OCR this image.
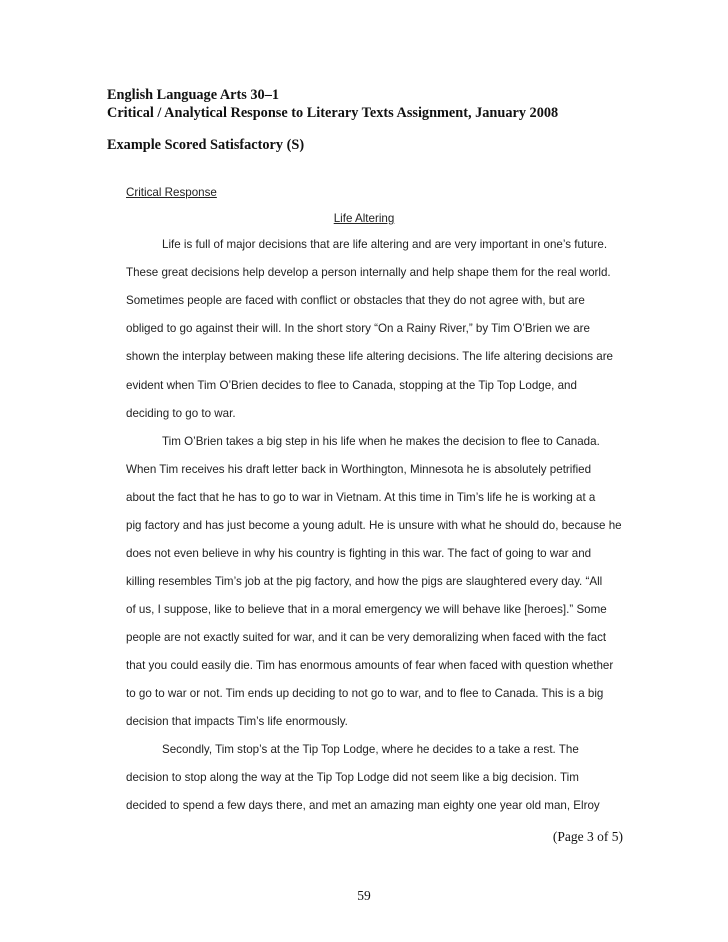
English Language Arts 30–1
Critical / Analytical Response to Literary Texts Assignment, January 2008
Example Scored Satisfactory (S)
Critical Response
Life Altering
Life is full of major decisions that are life altering and are very important in one’s future.
These great decisions help develop a person internally and help shape them for the real world.
Sometimes people are faced with conflict or obstacles that they do not agree with, but are
obliged to go against their will. In the short story “On a Rainy River,” by Tim O’Brien we are
shown the interplay between making these life altering decisions. The life altering decisions are
evident when Tim O’Brien decides to flee to Canada, stopping at the Tip Top Lodge, and
deciding to go to war.
Tim O’Brien takes a big step in his life when he makes the decision to flee to Canada.
When Tim receives his draft letter back in Worthington, Minnesota he is absolutely petrified
about the fact that he has to go to war in Vietnam. At this time in Tim’s life he is working at a
pig factory and has just become a young adult. He is unsure with what he should do, because he
does not even believe in why his country is fighting in this war. The fact of going to war and
killing resembles Tim’s job at the pig factory, and how the pigs are slaughtered every day. “All
of us, I suppose, like to believe that in a moral emergency we will behave like [heroes].” Some
people are not exactly suited for war, and it can be very demoralizing when faced with the fact
that you could easily die. Tim has enormous amounts of fear when faced with question whether
to go to war or not. Tim ends up deciding to not go to war, and to flee to Canada. This is a big
decision that impacts Tim’s life enormously.
Secondly, Tim stop’s at the Tip Top Lodge, where he decides to a take a rest. The
decision to stop along the way at the Tip Top Lodge did not seem like a big decision. Tim
decided to spend a few days there, and met an amazing man eighty one year old man, Elroy
(Page 3 of 5)
59
